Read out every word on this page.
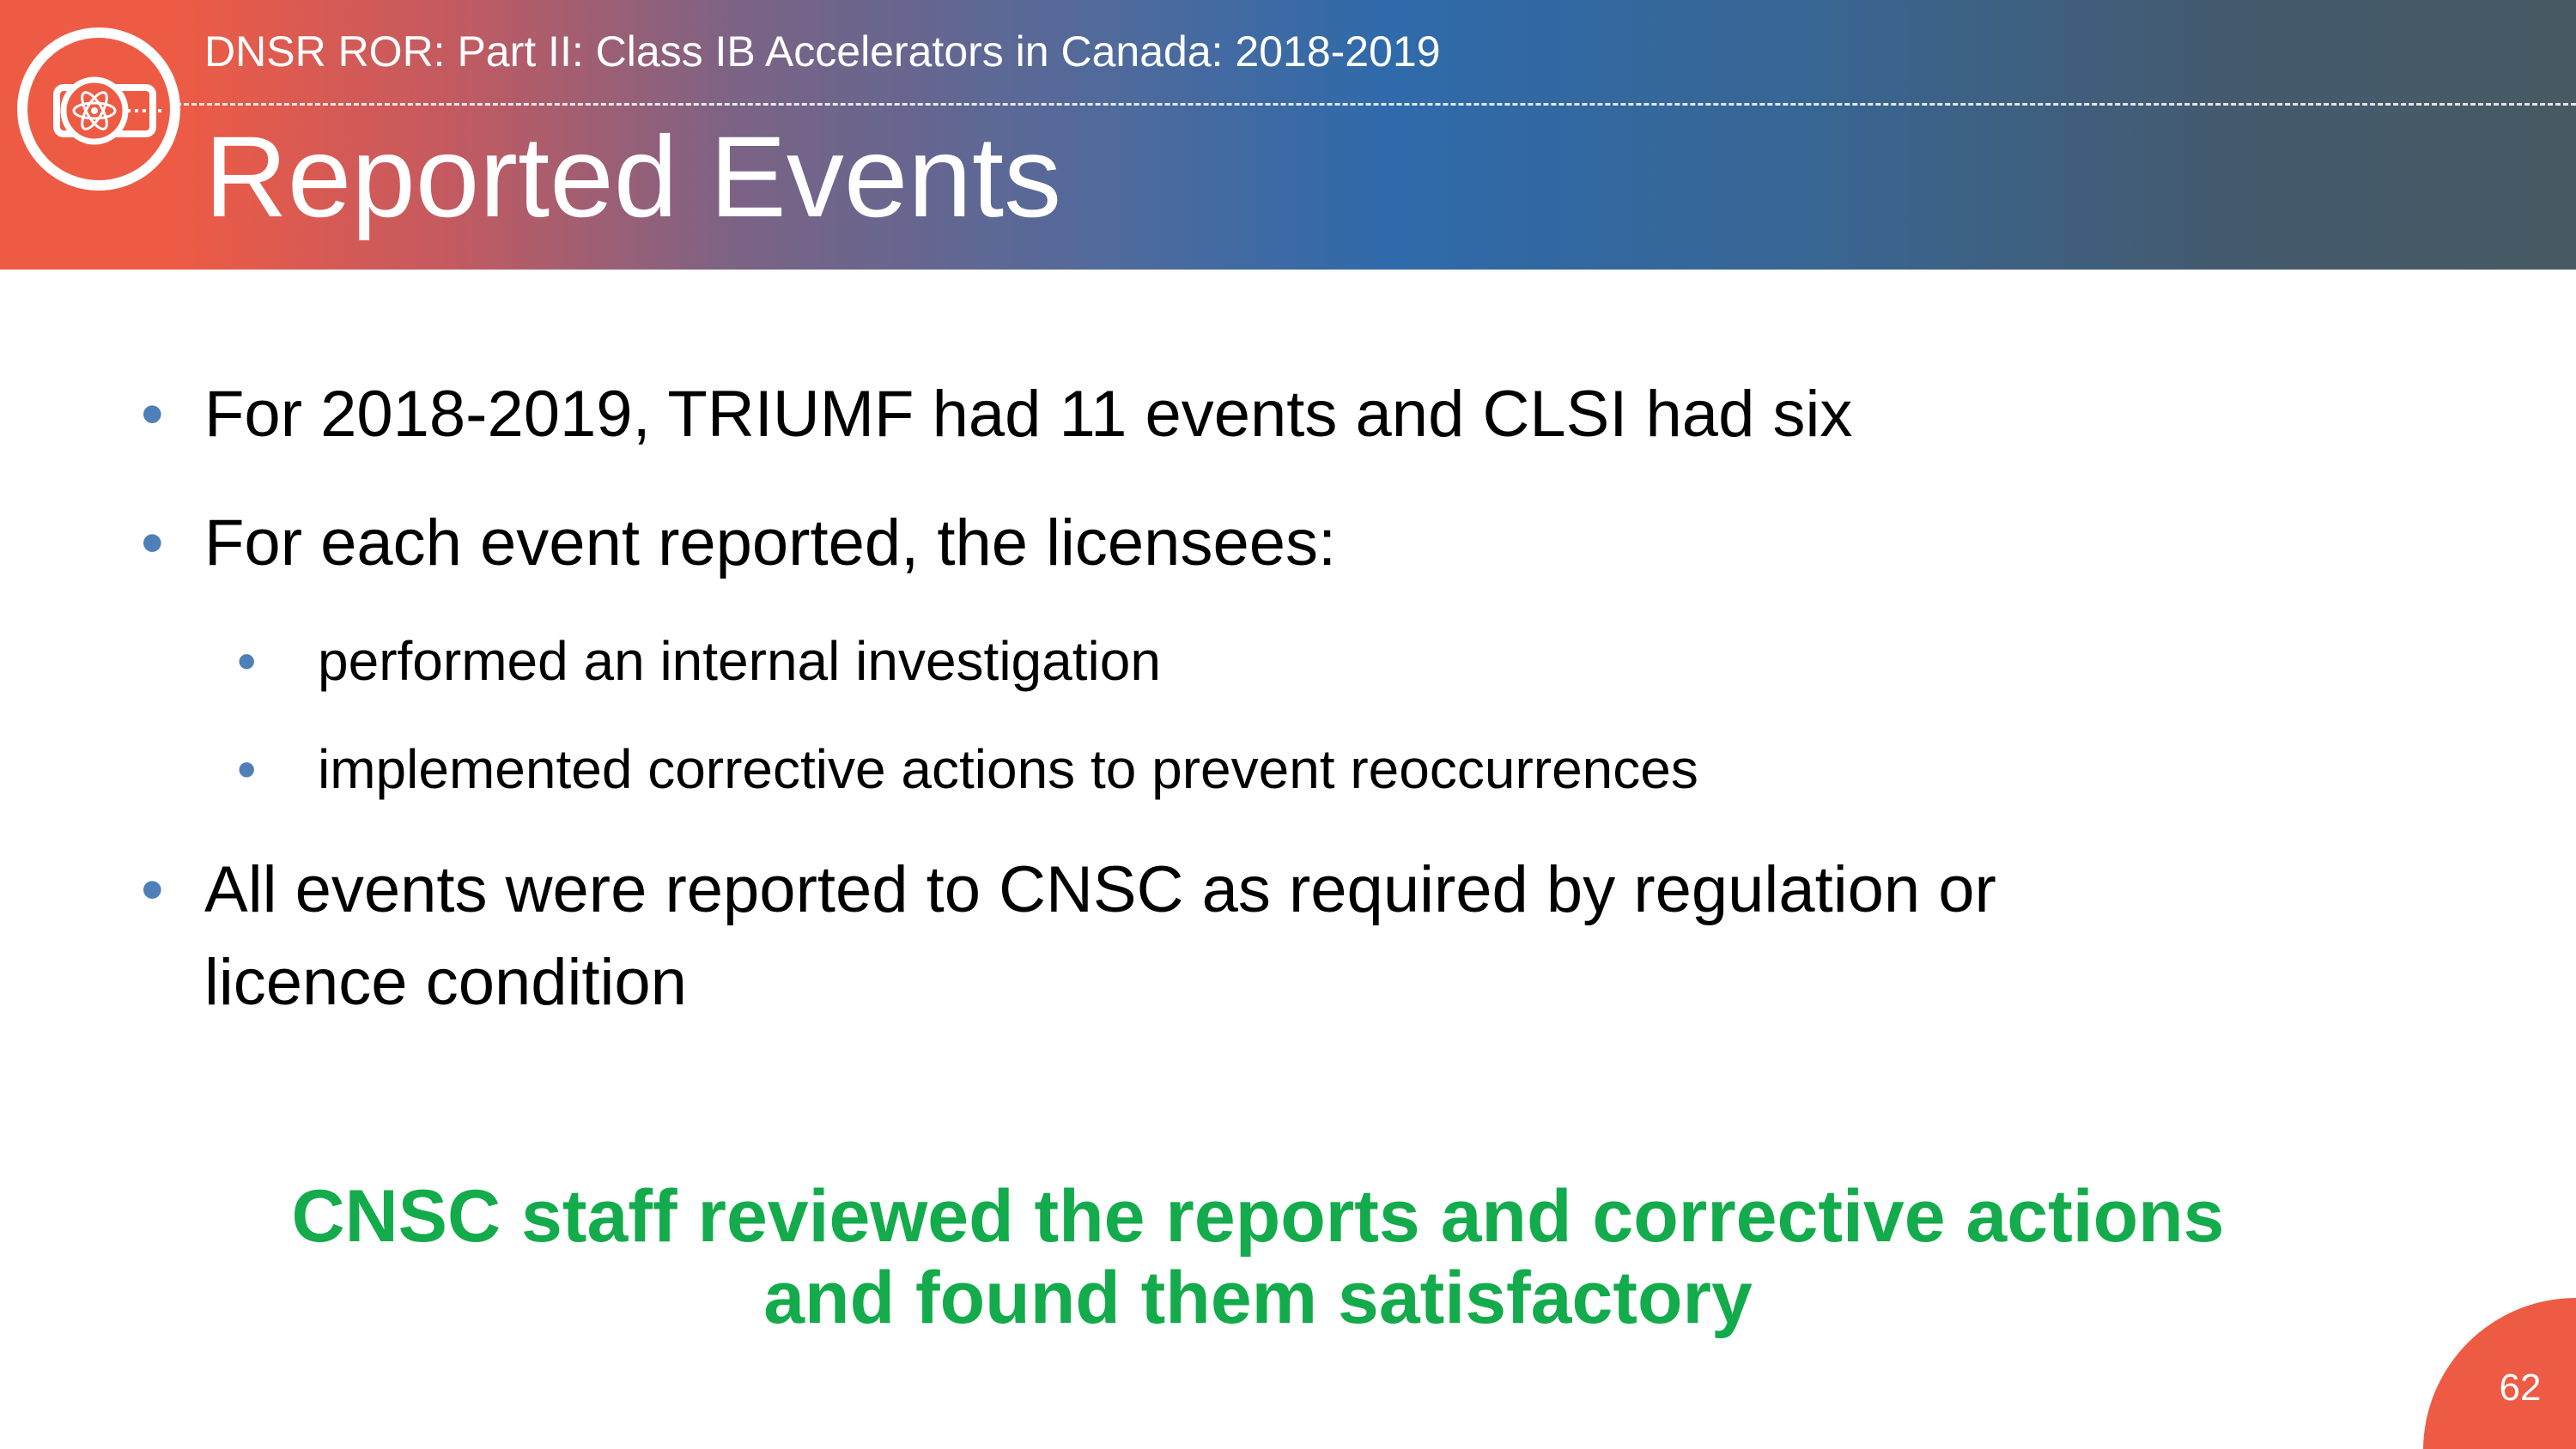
DNSR ROR: Part II: Class IB Accelerators in Canada: 2018-2019
Reported Events
• For 2018-2019, TRIUMF had 11 events and CLSI had six
• For each event reported, the licensees:
• performed an internal investigation
• implemented corrective actions to prevent reoccurrences
• All events were reported to CNSC as required by regulation or
licence condition
CNSC staff reviewed the reports and corrective actions
and found them satisfactory
62
